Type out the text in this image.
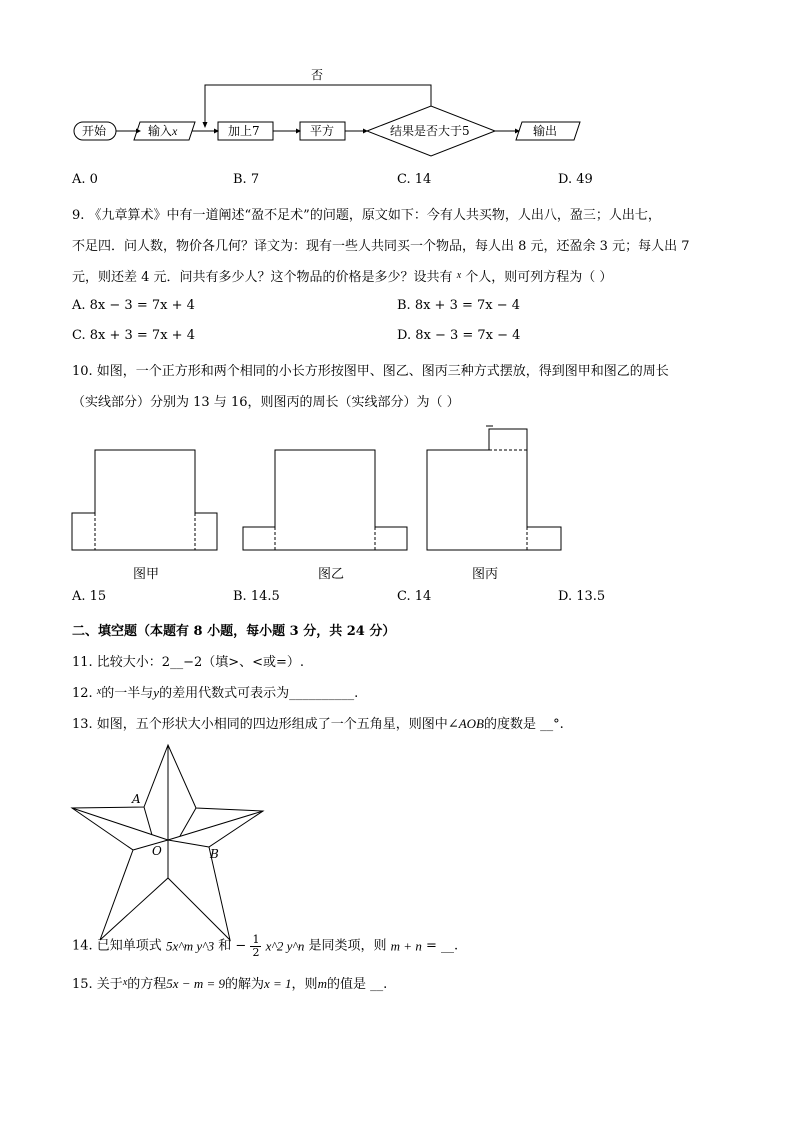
否
开始	输入x	加上7	平方	结果是否大于5	输出
A. 0	B. 7	C. 14	D. 49
9. 《九章算术》中有一道阐述“盈不足术”的问题，原文如下：今有人共买物，人出八，盈三；人出七，
不足四．问人数，物价各几何？译文为：现有一些人共同买一个物品，每人出 8 元，还盈余 3 元；每人出 7
元，则还差 4 元．问共有多少人？这个物品的价格是多少？设共有 $^x$ 个人，则可列方程为（ ）
A. 8x − 3 = 7x + 4	B. 8x + 3 = 7x − 4
C. 8x + 3 = 7x + 4	D. 8x − 3 = 7x − 4
10. 如图，一个正方形和两个相同的小长方形按图甲、图乙、图丙三种方式摆放，得到图甲和图乙的周长
（实线部分）分别为 13 与 16，则图丙的周长（实线部分）为（ ）
图甲	图乙	图丙
A. 15	B. 14.5	C. 14	D. 13.5
二、填空题（本题有 8 小题，每小题 3 分，共 24 分）
11. 比较大小：2__−2（填>、<或=）.
12. $^x$的一半与y的差用代数式可表示为__________.
13. 如图，五个形状大小相同的四边形组成了一个五角星，则图中∠AOB的度数是 __°.
A
O	B
14. 已知单项式 5x^m y^3 和 − $\frac{1}{2}$ x^2 y^n 是同类项，则 m + n = __.
15. 关于$^x$的方程5x − m = 9的解为x = 1，则m的值是 __.
